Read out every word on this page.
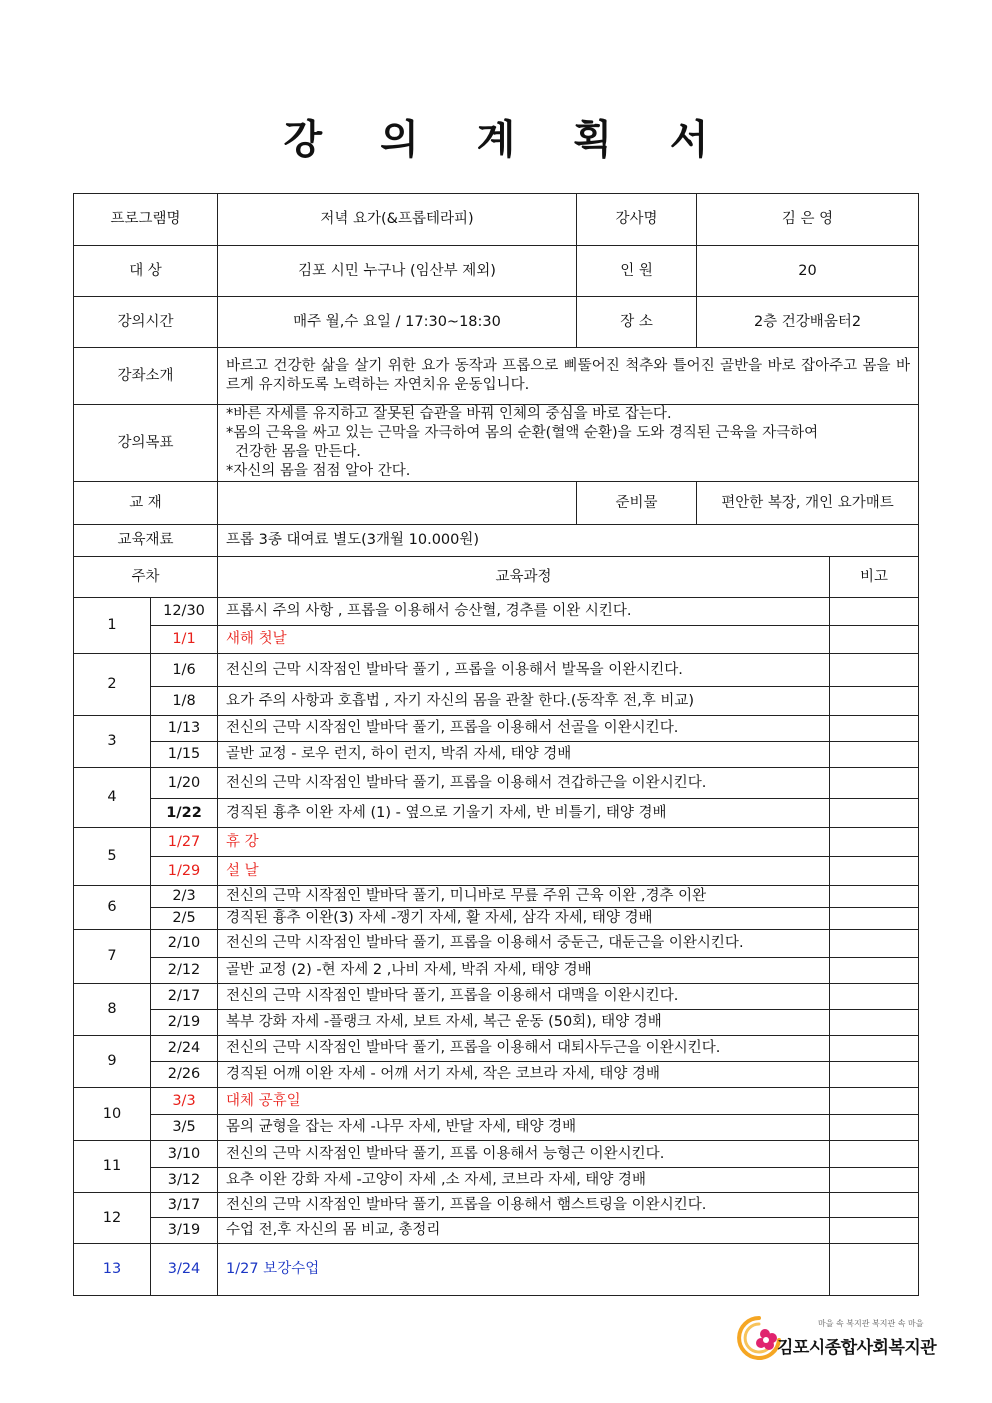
강 의 계 획 서
프로그램명		저녁 요가(&프롭테라피)	강사명	김 은 영	
대 상		김포 시민 누구나 (임산부 제외)	인 원	20	
강의시간		매주 월,수 요일 / 17:30~18:30	장 소	2층 건강배움터2	
강좌소개		바르고 건강한 삶을 살기 위한 요가 동작과 프롭으로 삐뚤어진 척추와 틀어진 골반을 바로 잡아주고 몸을 바르게 유지하도록 노력하는 자연치유 운동입니다.			
강의목표		*바른 자세를 유지하고 잘못된 습관을 바꿔 인체의 중심을 바로 잡는다.
*몸의 근육을 싸고 있는 근막을 자극하여 몸의 순환(혈액 순환)을 도와 경직된 근육을 자극하여
건강한 몸을 만든다.
*자신의 몸을 점점 알아 간다.			

교 재			준비물	편안한 복장, 개인 요가매트	
교육재료		프롭 3종 대여료 별도(3개월 10.000원)			
주차		교육과정			비고
1	12/30	프롭시 주의 사항 , 프롭을 이용해서 승산혈, 경추를 이완 시킨다.			
	1/1	새해 첫날			
2	1/6	전신의 근막 시작점인 발바닥 풀기 , 프롭을 이용해서 발목을 이완시킨다.			
	1/8	요가 주의 사항과 호흡법 , 자기 자신의 몸을 관찰 한다.(동작후 전,후 비교)			
3	1/13	전신의 근막 시작점인 발바닥 풀기, 프롭을 이용해서 선골을 이완시킨다.			
	1/15	골반 교정 - 로우 런지, 하이 런지, 박쥐 자세, 태양 경배			
4	1/20	전신의 근막 시작점인 발바닥 풀기, 프롭을 이용해서 견갑하근을 이완시킨다.			
	1/22	경직된 흉추 이완 자세 (1) - 옆으로 기울기 자세, 반 비틀기, 태양 경배			
5	1/27	휴 강			
	1/29	설 날			
6	2/3	전신의 근막 시작점인 발바닥 풀기, 미니바로 무릎 주위 근육 이완 ,경추 이완			
	2/5	경직된 흉추 이완(3) 자세 -쟁기 자세, 활 자세, 삼각 자세, 태양 경배			
7	2/10	전신의 근막 시작점인 발바닥 풀기, 프롭을 이용해서 중둔근, 대둔근을 이완시킨다.			
	2/12	골반 교정 (2) -현 자세 2 ,나비 자세, 박쥐 자세, 태양 경배			
8	2/17	전신의 근막 시작점인 발바닥 풀기, 프롭을 이용해서 대맥을 이완시킨다.			
	2/19	복부 강화 자세 -플랭크 자세, 보트 자세, 복근 운동 (50회), 태양 경배			
9	2/24	전신의 근막 시작점인 발바닥 풀기, 프롭을 이용해서 대퇴사두근을 이완시킨다.			
	2/26	경직된 어깨 이완 자세 - 어깨 서기 자세, 작은 코브라 자세, 태양 경배			
10	3/3	대체 공휴일			
	3/5	몸의 균형을 잡는 자세 -나무 자세, 반달 자세, 태양 경배			
11	3/10	전신의 근막 시작점인 발바닥 풀기, 프롭 이용해서 능형근 이완시킨다.			
	3/12	요추 이완 강화 자세 -고양이 자세 ,소 자세, 코브라 자세, 태양 경배			
12	3/17	전신의 근막 시작점인 발바닥 풀기, 프롭을 이용해서 햄스트링을 이완시킨다.			
	3/19	수업 전,후 자신의 몸 비교, 총정리			
13	3/24	1/27 보강수업			
마을 속 복지관 복지관 속 마을
김포시종합사회복지관
